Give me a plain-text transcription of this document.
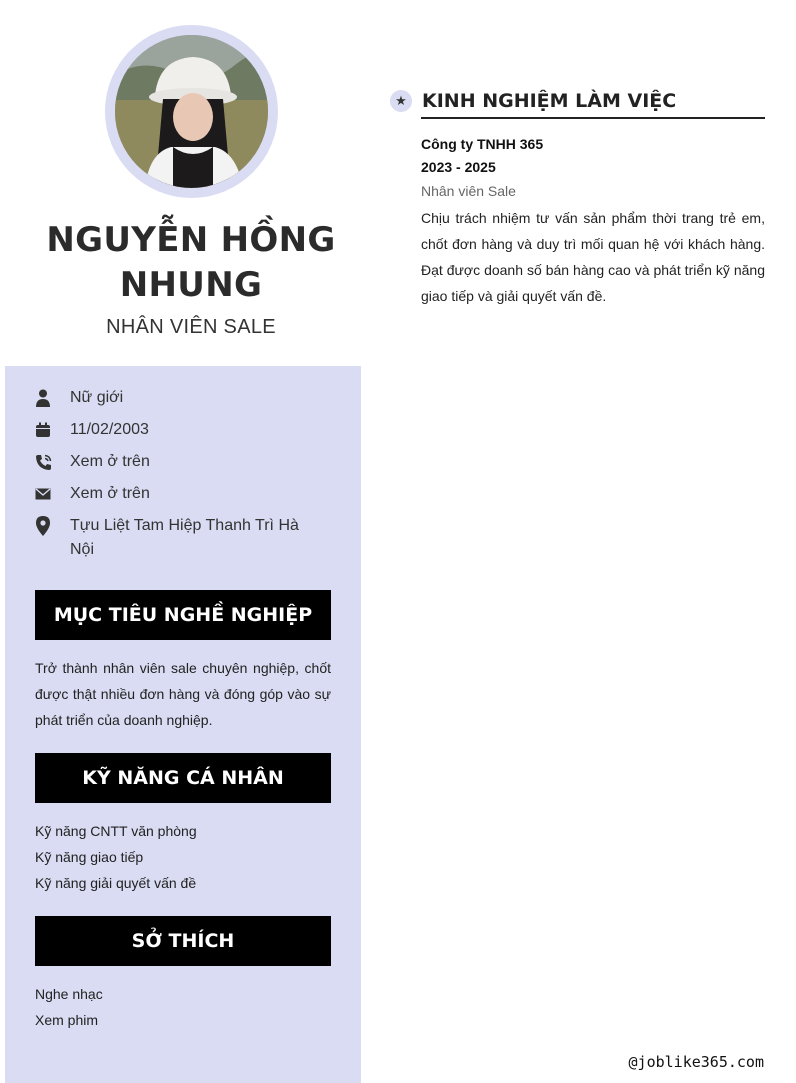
NGUYỄN HỒNG
NHUNG
NHÂN VIÊN SALE
Nữ giới
11/02/2003
Xem ở trên
Xem ở trên
Tựu Liệt Tam Hiệp Thanh Trì Hà Nội
MỤC TIÊU NGHỀ NGHIỆP
Trở thành nhân viên sale chuyên nghiệp, chốt được thật nhiều đơn hàng và đóng góp vào sự phát triển của doanh nghiệp.
KỸ NĂNG CÁ NHÂN
Kỹ năng CNTT văn phòng
Kỹ năng giao tiếp
Kỹ năng giải quyết vấn đề
SỞ THÍCH
Nghe nhạc
Xem phim
★ KINH NGHIỆM LÀM VIỆC
Công ty TNHH 365
2023 - 2025
Nhân viên Sale
Chịu trách nhiệm tư vấn sản phẩm thời trang trẻ em, chốt đơn hàng và duy trì mối quan hệ với khách hàng. Đạt được doanh số bán hàng cao và phát triển kỹ năng giao tiếp và giải quyết vấn đề.
@joblike365.com
